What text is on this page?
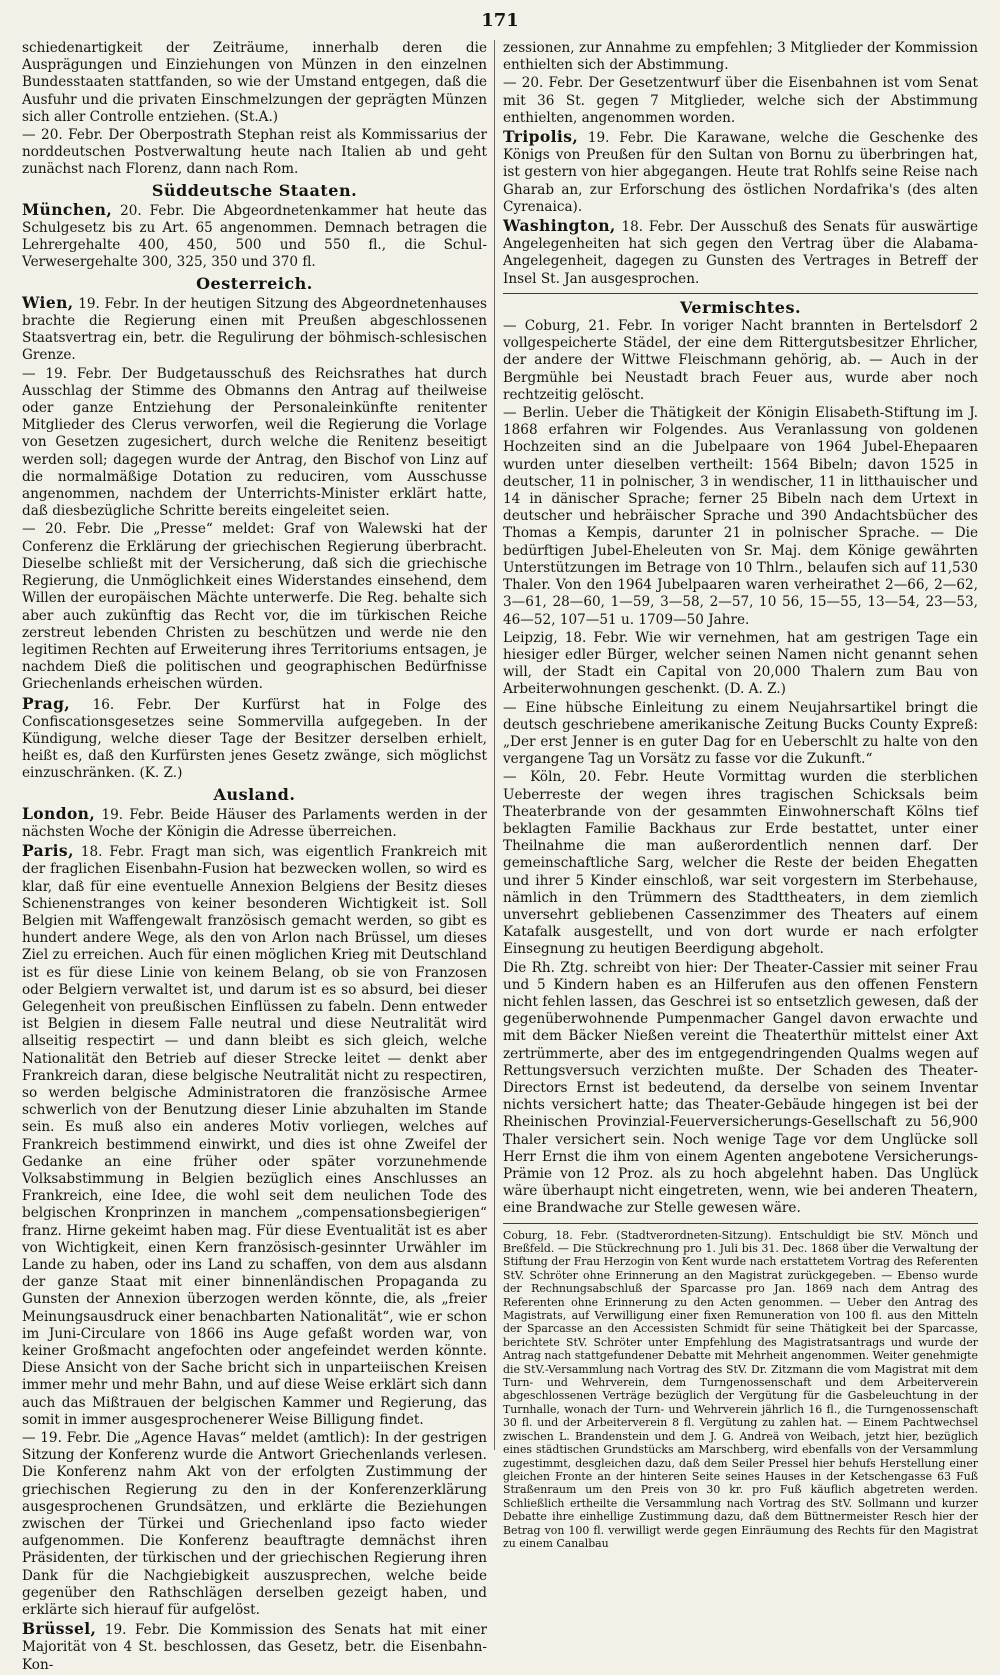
171

schiedenartigkeit der Zeiträume, innerhalb deren die Ausprägungen und Einziehungen von Münzen in den einzelnen Bundesstaaten stattfanden, so wie der Umstand entgegen, daß die Ausfuhr und die privaten Einschmelzungen der geprägten Münzen sich aller Controlle entziehen. (St.A.)

— 20. Febr. Der Oberpostrath Stephan reist als Kommissarius der norddeutschen Postverwaltung heute nach Italien ab und geht zunächst nach Florenz, dann nach Rom.

Süddeutsche Staaten.

München, 20. Febr. Die Abgeordnetenkammer hat heute das Schulgesetz bis zu Art. 65 angenommen. Demnach betragen die Lehrergehalte 400, 450, 500 und 550 fl., die Schul-Verwesergehalte 300, 325, 350 und 370 fl.

Oesterreich.

Wien, 19. Febr. In der heutigen Sitzung des Abgeordnetenhauses brachte die Regierung einen mit Preußen abgeschlossenen Staatsvertrag ein, betr. die Regulirung der böhmisch-schlesischen Grenze.

— 19. Febr. Der Budgetausschuß des Reichsrathes hat durch Ausschlag der Stimme des Obmanns den Antrag auf theilweise oder ganze Entziehung der Personaleinkünfte renitenter Mitglieder des Clerus verworfen, weil die Regierung die Vorlage von Gesetzen zugesichert, durch welche die Renitenz beseitigt werden soll; dagegen wurde der Antrag, den Bischof von Linz auf die normalmäßige Dotation zu reduciren, vom Ausschusse angenommen, nachdem der Unterrichts-Minister erklärt hatte, daß diesbezügliche Schritte bereits eingeleitet seien.

— 20. Febr. Die „Presse“ meldet: Graf von Walewski hat der Conferenz die Erklärung der griechischen Regierung überbracht. Dieselbe schließt mit der Versicherung, daß sich die griechische Regierung, die Unmöglichkeit eines Widerstandes einsehend, dem Willen der europäischen Mächte unterwerfe. Die Reg. behalte sich aber auch zukünftig das Recht vor, die im türkischen Reiche zerstreut lebenden Christen zu beschützen und werde nie den legitimen Rechten auf Erweiterung ihres Territoriums entsagen, je nachdem Dieß die politischen und geographischen Bedürfnisse Griechenlands erheischen würden.

Prag, 16. Febr. Der Kurfürst hat in Folge des Confiscationsgesetzes seine Sommervilla aufgegeben. In der Kündigung, welche dieser Tage der Besitzer derselben erhielt, heißt es, daß den Kurfürsten jenes Gesetz zwänge, sich möglichst einzuschränken. (K. Z.)

Ausland.

London, 19. Febr. Beide Häuser des Parlaments werden in der nächsten Woche der Königin die Adresse überreichen.

Paris, 18. Febr. Fragt man sich, was eigentlich Frankreich mit der fraglichen Eisenbahn-Fusion hat bezwecken wollen, so wird es klar, daß für eine eventuelle Annexion Belgiens der Besitz dieses Schienenstranges von keiner besonderen Wichtigkeit ist. Soll Belgien mit Waffengewalt französisch gemacht werden, so gibt es hundert andere Wege, als den von Arlon nach Brüssel, um dieses Ziel zu erreichen. Auch für einen möglichen Krieg mit Deutschland ist es für diese Linie von keinem Belang, ob sie von Franzosen oder Belgiern verwaltet ist, und darum ist es so absurd, bei dieser Gelegenheit von preußischen Einflüssen zu fabeln. Denn entweder ist Belgien in diesem Falle neutral und diese Neutralität wird allseitig respectirt — und dann bleibt es sich gleich, welche Nationalität den Betrieb auf dieser Strecke leitet — denkt aber Frankreich daran, diese belgische Neutralität nicht zu respectiren, so werden belgische Administratoren die französische Armee schwerlich von der Benutzung dieser Linie abzuhalten im Stande sein. Es muß also ein anderes Motiv vorliegen, welches auf Frankreich bestimmend einwirkt, und dies ist ohne Zweifel der Gedanke an eine früher oder später vorzunehmende Volksabstimmung in Belgien bezüglich eines Anschlusses an Frankreich, eine Idee, die wohl seit dem neulichen Tode des belgischen Kronprinzen in manchem „compensationsbegierigen“ franz. Hirne gekeimt haben mag. Für diese Eventualität ist es aber von Wichtigkeit, einen Kern französisch-gesinnter Urwähler im Lande zu haben, oder ins Land zu schaffen, von dem aus alsdann der ganze Staat mit einer binnenländischen Propaganda zu Gunsten der Annexion überzogen werden könnte, die, als „freier Meinungsausdruck einer benachbarten Nationalität“, wie er schon im Juni-Circulare von 1866 ins Auge gefaßt worden war, von keiner Großmacht angefochten oder angefeindet werden könnte. Diese Ansicht von der Sache bricht sich in unparteiischen Kreisen immer mehr und mehr Bahn, und auf diese Weise erklärt sich dann auch das Mißtrauen der belgischen Kammer und Regierung, das somit in immer ausgesprochenerer Weise Billigung findet.

— 19. Febr. Die „Agence Havas“ meldet (amtlich): In der gestrigen Sitzung der Konferenz wurde die Antwort Griechenlands verlesen. Die Konferenz nahm Akt von der erfolgten Zustimmung der griechischen Regierung zu den in der Konferenzerklärung ausgesprochenen Grundsätzen, und erklärte die Beziehungen zwischen der Türkei und Griechenland ipso facto wieder aufgenommen. Die Konferenz beauftragte demnächst ihren Präsidenten, der türkischen und der griechischen Regierung ihren Dank für die Nachgiebigkeit auszusprechen, welche beide gegenüber den Rathschlägen derselben gezeigt haben, und erklärte sich hierauf für aufgelöst.

Brüssel, 19. Febr. Die Kommission des Senats hat mit einer Majorität von 4 St. beschlossen, das Gesetz, betr. die Eisenbahn-Kon-

zessionen, zur Annahme zu empfehlen; 3 Mitglieder der Kommission enthielten sich der Abstimmung.

— 20. Febr. Der Gesetzentwurf über die Eisenbahnen ist vom Senat mit 36 St. gegen 7 Mitglieder, welche sich der Abstimmung enthielten, angenommen worden.

Tripolis, 19. Febr. Die Karawane, welche die Geschenke des Königs von Preußen für den Sultan von Bornu zu überbringen hat, ist gestern von hier abgegangen. Heute trat Rohlfs seine Reise nach Gharab an, zur Erforschung des östlichen Nordafrika's (des alten Cyrenaica).

Washington, 18. Febr. Der Ausschuß des Senats für auswärtige Angelegenheiten hat sich gegen den Vertrag über die Alabama-Angelegenheit, dagegen zu Gunsten des Vertrages in Betreff der Insel St. Jan ausgesprochen.

Vermischtes.

— Coburg, 21. Febr. In voriger Nacht brannten in Bertelsdorf 2 vollgespeicherte Städel, der eine dem Rittergutsbesitzer Ehrlicher, der andere der Wittwe Fleischmann gehörig, ab. — Auch in der Bergmühle bei Neustadt brach Feuer aus, wurde aber noch rechtzeitig gelöscht.

— Berlin. Ueber die Thätigkeit der Königin Elisabeth-Stiftung im J. 1868 erfahren wir Folgendes. Aus Veranlassung von goldenen Hochzeiten sind an die Jubelpaare von 1964 Jubel-Ehepaaren wurden unter dieselben vertheilt: 1564 Bibeln; davon 1525 in deutscher, 11 in polnischer, 3 in wendischer, 11 in litthauischer und 14 in dänischer Sprache; ferner 25 Bibeln nach dem Urtext in deutscher und hebräischer Sprache und 390 Andachtsbücher des Thomas a Kempis, darunter 21 in polnischer Sprache. — Die bedürftigen Jubel-Eheleuten von Sr. Maj. dem Könige gewährten Unterstützungen im Betrage von 10 Thlrn., belaufen sich auf 11,530 Thaler. Von den 1964 Jubelpaaren waren verheirathet 2—66, 2—62, 3—61, 28—60, 1—59, 3—58, 2—57, 10 56, 15—55, 13—54, 23—53, 46—52, 107—51 u. 1709—50 Jahre.

Leipzig, 18. Febr. Wie wir vernehmen, hat am gestrigen Tage ein hiesiger edler Bürger, welcher seinen Namen nicht genannt sehen will, der Stadt ein Capital von 20,000 Thalern zum Bau von Arbeiterwohnungen geschenkt. (D. A. Z.)

— Eine hübsche Einleitung zu einem Neujahrsartikel bringt die deutsch geschriebene amerikanische Zeitung Bucks County Expreß: „Der erst Jenner is en guter Dag for en Ueberschlt zu halte von den vergangene Tag un Vorsätz zu fasse vor die Zukunft.“

— Köln, 20. Febr. Heute Vormittag wurden die sterblichen Ueberreste der wegen ihres tragischen Schicksals beim Theaterbrande von der gesammten Einwohnerschaft Kölns tief beklagten Familie Backhaus zur Erde bestattet, unter einer Theilnahme die man außerordentlich nennen darf. Der gemeinschaftliche Sarg, welcher die Reste der beiden Ehegatten und ihrer 5 Kinder einschloß, war seit vorgestern im Sterbehause, nämlich in den Trümmern des Stadttheaters, in dem ziemlich unversehrt gebliebenen Cassenzimmer des Theaters auf einem Katafalk ausgestellt, und von dort wurde er nach erfolgter Einsegnung zu heutigen Beerdigung abgeholt.

Die Rh. Ztg. schreibt von hier: Der Theater-Cassier mit seiner Frau und 5 Kindern haben es an Hilferufen aus den offenen Fenstern nicht fehlen lassen, das Geschrei ist so entsetzlich gewesen, daß der gegenüberwohnende Pumpenmacher Gangel davon erwachte und mit dem Bäcker Nießen vereint die Theaterthür mittelst einer Axt zertrümmerte, aber des im entgegendringenden Qualms wegen auf Rettungsversuch verzichten mußte. Der Schaden des Theater-Directors Ernst ist bedeutend, da derselbe von seinem Inventar nichts versichert hatte; das Theater-Gebäude hingegen ist bei der Rheinischen Provinzial-Feuerversicherungs-Gesellschaft zu 56,900 Thaler versichert sein. Noch wenige Tage vor dem Unglücke soll Herr Ernst die ihm von einem Agenten angebotene Versicherungs-Prämie von 12 Proz. als zu hoch abgelehnt haben. Das Unglück wäre überhaupt nicht eingetreten, wenn, wie bei anderen Theatern, eine Brandwache zur Stelle gewesen wäre.

Coburg, 18. Febr. (Stadtverordneten-Sitzung). Entschuldigt bie StV. Mönch und Breßfeld. — Die Stückrechnung pro 1. Juli bis 31. Dec. 1868 über die Verwaltung der Stiftung der Frau Herzogin von Kent wurde nach erstattetem Vortrag des Referenten StV. Schröter ohne Erinnerung an den Magistrat zurückgegeben. — Ebenso wurde der Rechnungsabschluß der Sparcasse pro Jan. 1869 nach dem Antrag des Referenten ohne Erinnerung zu den Acten genommen. — Ueber den Antrag des Magistrats, auf Verwilligung einer fixen Remuneration von 100 fl. aus den Mitteln der Sparcasse an den Accessisten Schmidt für seine Thätigkeit bei der Sparcasse, berichtete StV. Schröter unter Empfehlung des Magistratsantrags und wurde der Antrag nach stattgefundener Debatte mit Mehrheit angenommen. Weiter genehmigte die StV.-Versammlung nach Vortrag des StV. Dr. Zitzmann die vom Magistrat mit dem Turn- und Wehrverein, dem Turngenossenschaft und dem Arbeiterverein abgeschlossenen Verträge bezüglich der Vergütung für die Gasbeleuchtung in der Turnhalle, wonach der Turn- und Wehrverein jährlich 16 fl., die Turngenossenschaft 30 fl. und der Arbeiterverein 8 fl. Vergütung zu zahlen hat. — Einem Pachtwechsel zwischen L. Brandenstein und dem J. G. Andreä von Weibach, jetzt hier, bezüglich eines städtischen Grundstücks am Marschberg, wird ebenfalls von der Versammlung zugestimmt, desgleichen dazu, daß dem Seiler Pressel hier behufs Herstellung einer gleichen Fronte an der hinteren Seite seines Hauses in der Ketschengasse 63 Fuß Straßenraum um den Preis von 30 kr. pro Fuß käuflich abgetreten werden. Schließlich ertheilte die Versammlung nach Vortrag des StV. Sollmann und kurzer Debatte ihre einhellige Zustimmung dazu, daß dem Büttnermeister Resch hier der Betrag von 100 fl. verwilligt werde gegen Einräumung des Rechts für den Magistrat zu einem Canalbau
